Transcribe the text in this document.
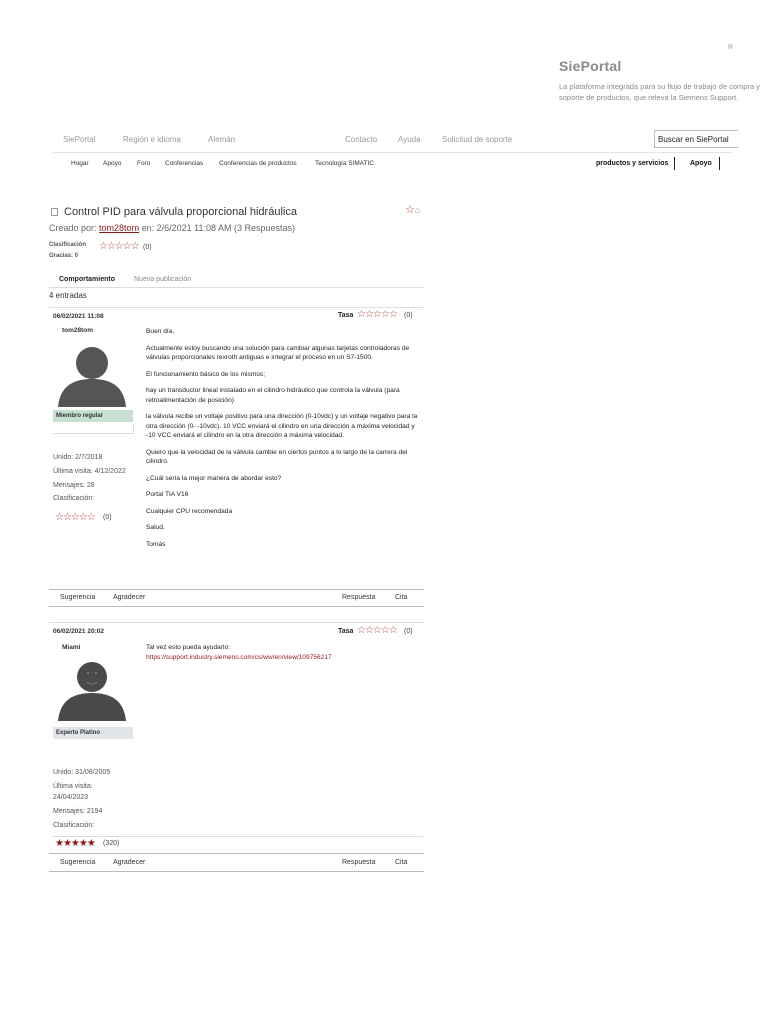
R
SiePortal
La plataforma integrada para su flujo de trabajo de compra y soporte de productos, que releva la Siemens Support.
SiePortal	Región e idioma	Alemán	Contacto	Ayuda	Solicitud de soporte	Buscar en SiePortal
Hogar Apoyo Foro Conferencias Conferencias de productos	Tecnología SIMATIC	productos y servicios	Apoyo
Control PID para válvula proporcional hidráulica	☆⌂
Creado por: tom28tom en: 2/6/2021 11:08 AM (3 Respuestas)
Clasificación ☆☆☆☆☆ (0)
Gracias: 0
Comportamiento	Nueva publicación
4 entradas
06/02/2021 11:08
tom28tom
Miembro regular
Unido: 2/7/2018
Última visita: 4/12/2022
Mensajes: 28
Clasificación:
☆☆☆☆☆ (0)
Tasa ☆☆☆☆☆ (0)

Buen día,

Actualmente estoy buscando una solución para cambiar algunas tarjetas controladoras de válvulas proporcionales rexroth antiguas e integrar el proceso en un S7-1500.

El funcionamiento básico de los mismos;

hay un transductor lineal instalado en el cilindro hidráulico que controla la válvula (para retroalimentación de posición)

la válvula recibe un voltaje positivo para una dirección (0-10vdc) y un voltaje negativo para la otra dirección (0- -10vdc). 10 VCC enviará el cilindro en una dirección a máxima velocidad y -10 VCC enviará el cilindro en la otra dirección a máxima velocidad.

Quiero que la velocidad de la válvula cambie en ciertos puntos a lo largo de la carrera del cilindro.

¿Cuál sería la mejor manera de abordar esto?

Portal TIA V16

Cualquier CPU recomendada

Salud,

Tomás

Sugerencia	Agradecer	Respuesta	Cita
06/02/2021 20:02
Miami
Experto Platino
Unido: 31/08/2005
Última visita:
24/04/2023
Mensajes: 2194
Clasificación:
★★★★★ (320)
Tasa ☆☆☆☆☆ (0)
Tal vez esto pueda ayudarlo:
https://support.industry.siemens.com/cs/ww/en/view/109756217
Sugerencia	Agradecer	Respuesta	Cita
